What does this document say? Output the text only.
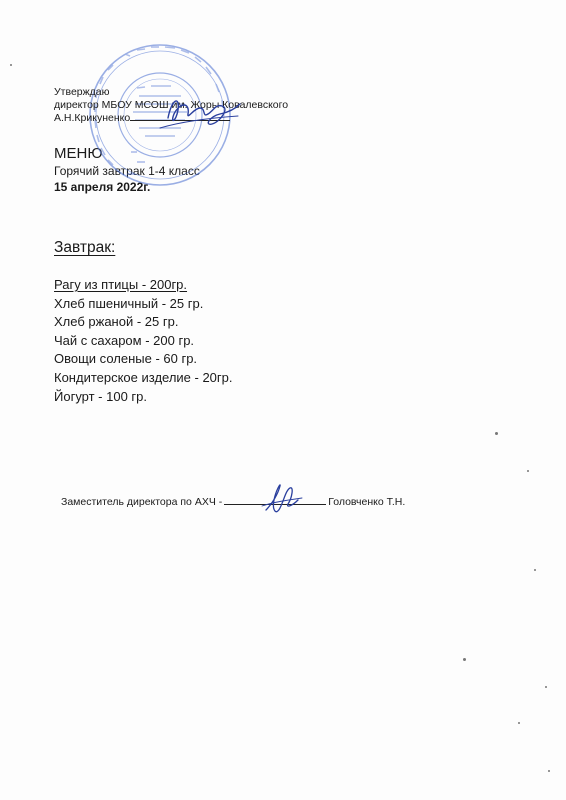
Утверждаю
директор МБОУ МСОШ им. Жоры Ковалевского
А.Н.Крикуненко
МЕНЮ
Горячий завтрак 1-4 класс
15 апреля 2022г.
Завтрак:
Рагу из птицы - 200гр.
Хлеб пшеничный - 25 гр.
Хлеб ржаной - 25 гр.
Чай с сахаром - 200 гр.
Овощи соленые - 60 гр.
Кондитерское изделие - 20гр.
Йогурт - 100 гр.
Заместитель директора по АХЧ -	Головченко Т.Н.
